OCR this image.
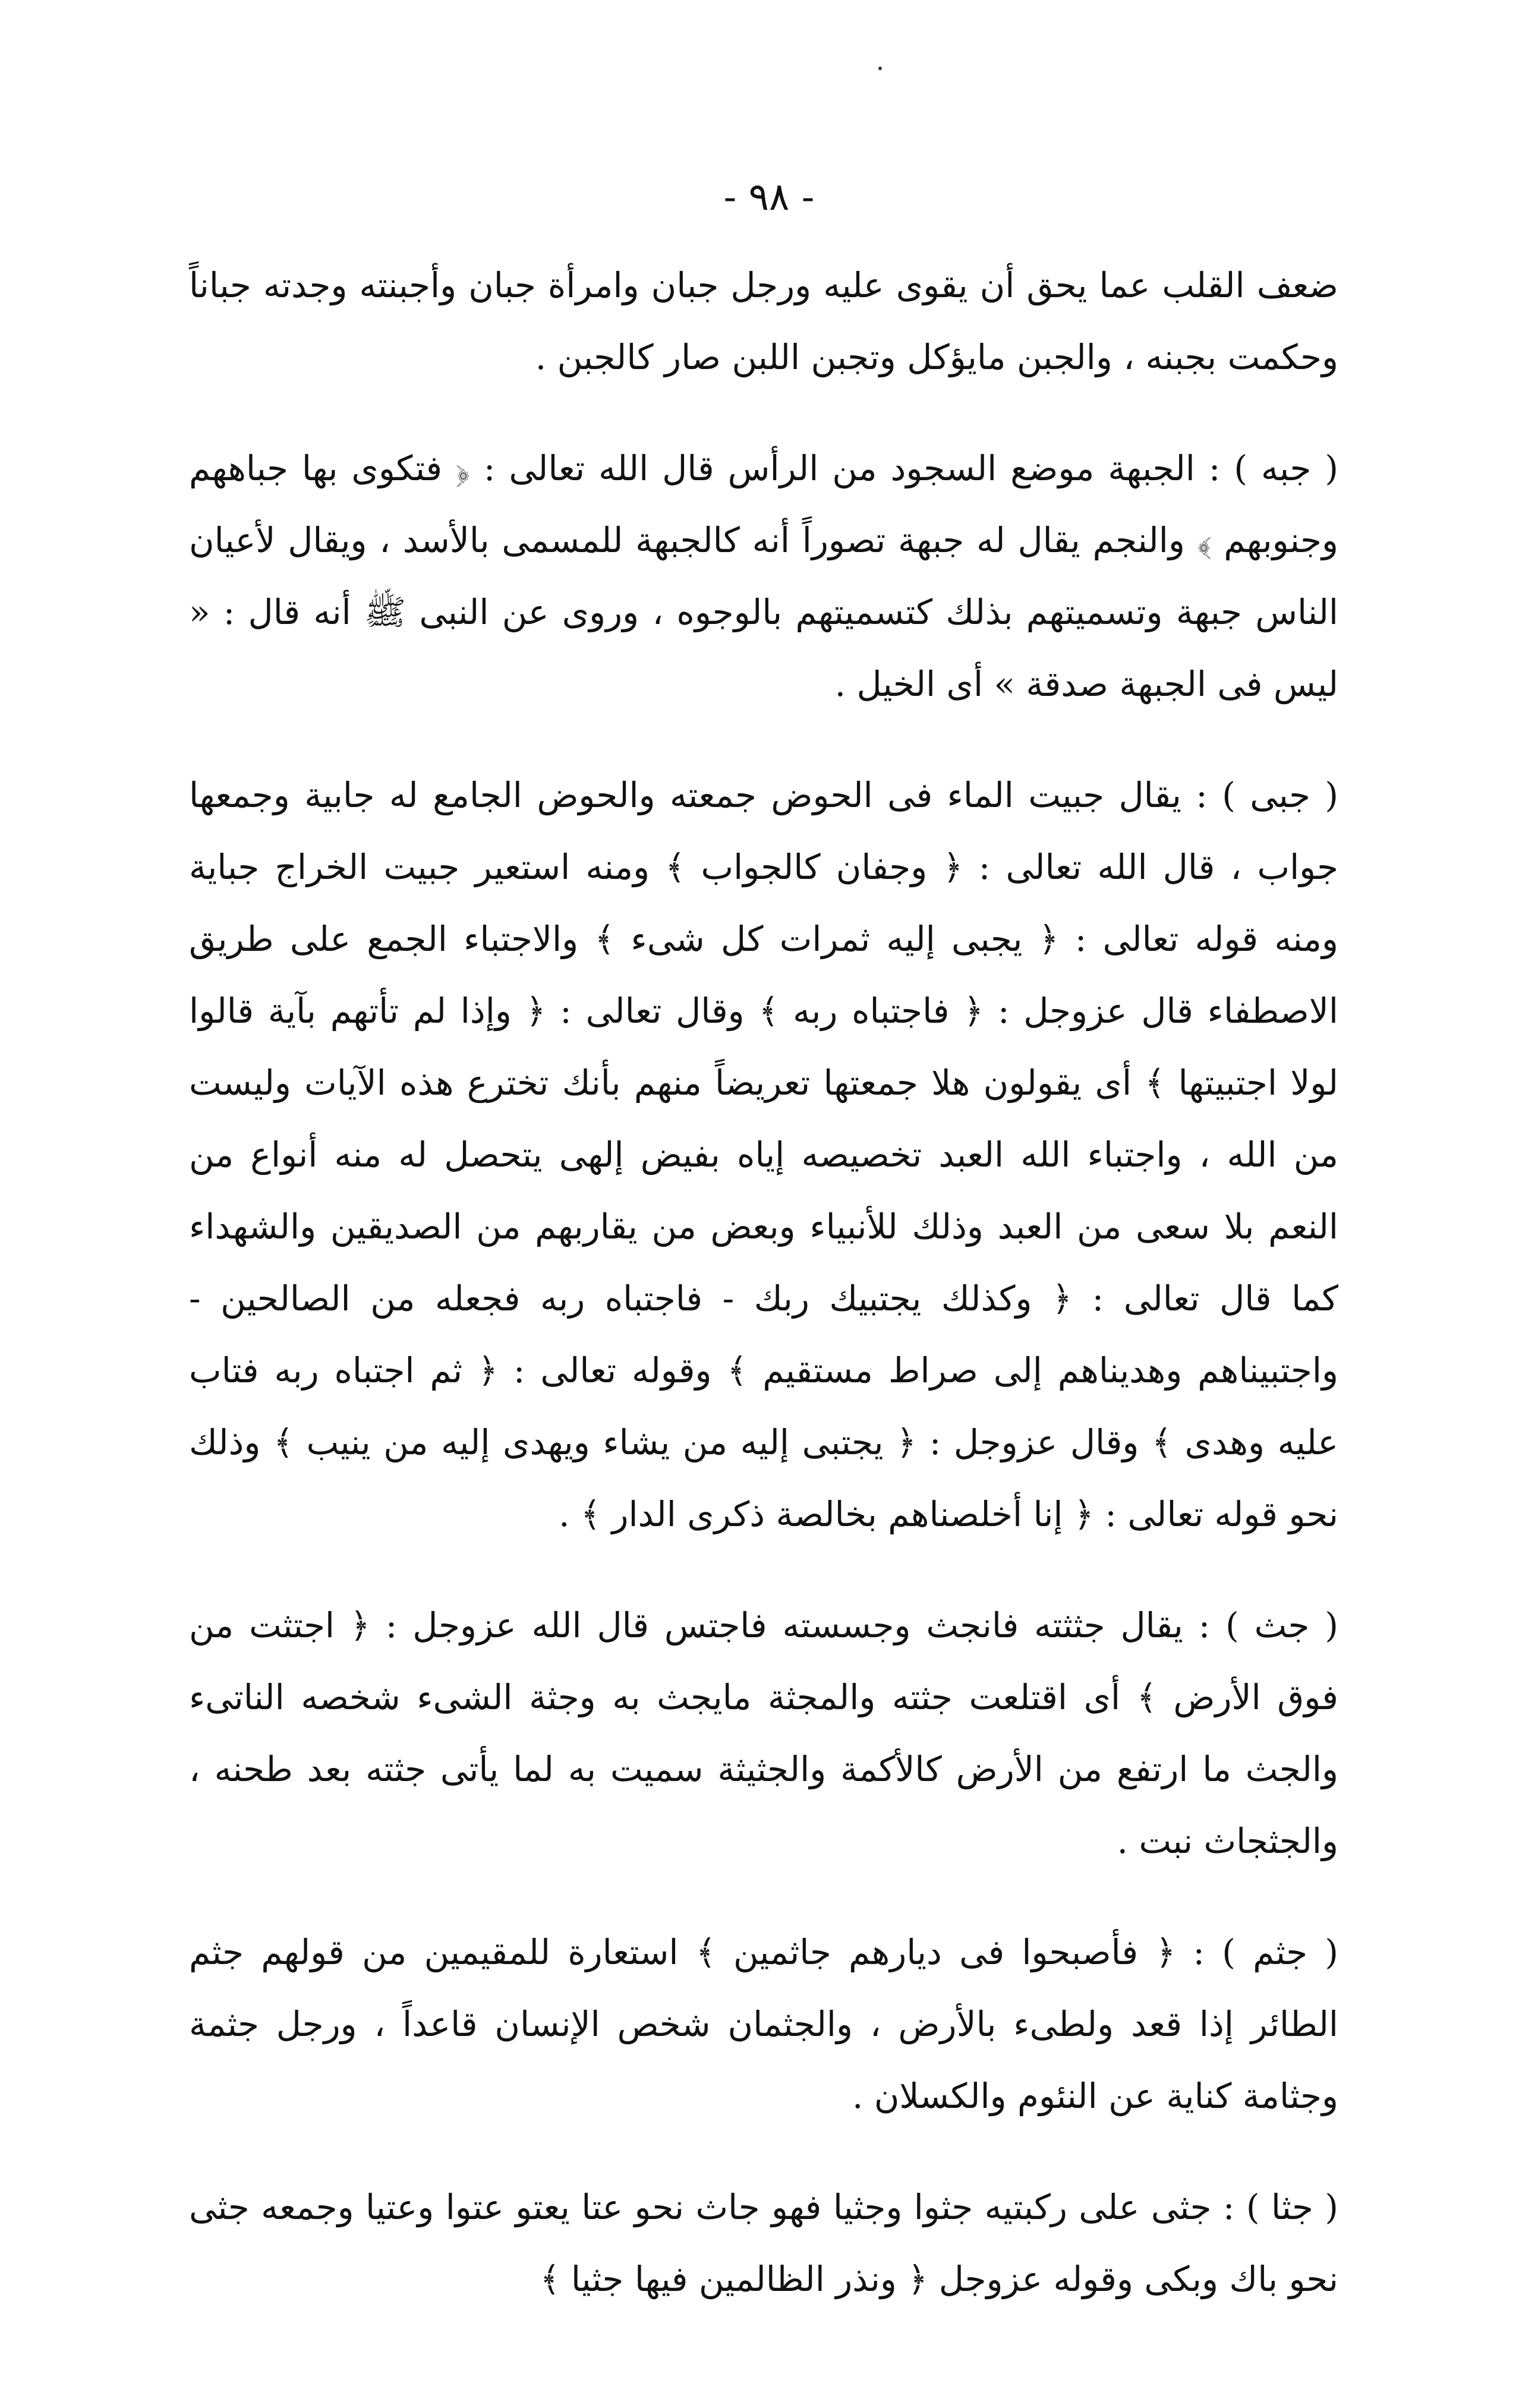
- ٩٨ -

ضعف القلب عما يحق أن يقوى عليه ورجل جبان وامرأة جبان وأجبنته وجدته جباناً وحكمت بجبنه ، والجبن مايؤكل وتجبن اللبن صار كالجبن .

( جبه ) : الجبهة موضع السجود من الرأس قال الله تعالى : ﴿ فتكوى بها جباههم وجنوبهم ﴾ والنجم يقال له جبهة تصوراً أنه كالجبهة للمسمى بالأسد ، ويقال لأعيان الناس جبهة وتسميتهم بذلك كتسميتهم بالوجوه ، وروى عن النبى ﷺ أنه قال : « ليس فى الجبهة صدقة » أى الخيل .

( جبى ) : يقال جبيت الماء فى الحوض جمعته والحوض الجامع له جابية وجمعها جواب ، قال الله تعالى : ﴿ وجفان كالجواب ﴾ ومنه استعير جبيت الخراج جباية ومنه قوله تعالى : ﴿ يجبى إليه ثمرات كل شىء ﴾ والاجتباء الجمع على طريق الاصطفاء قال عزوجل : ﴿ فاجتباه ربه ﴾ وقال تعالى : ﴿ وإذا لم تأتهم بآية قالوا لولا اجتبيتها ﴾ أى يقولون هلا جمعتها تعريضاً منهم بأنك تخترع هذه الآيات وليست من الله ، واجتباء الله العبد تخصيصه إياه بفيض إلهى يتحصل له منه أنواع من النعم بلا سعى من العبد وذلك للأنبياء وبعض من يقاربهم من الصديقين والشهداء كما قال تعالى : ﴿ وكذلك يجتبيك ربك - فاجتباه ربه فجعله من الصالحين - واجتبيناهم وهديناهم إلى صراط مستقيم ﴾ وقوله تعالى : ﴿ ثم اجتباه ربه فتاب عليه وهدى ﴾ وقال عزوجل : ﴿ يجتبى إليه من يشاء ويهدى إليه من ينيب ﴾ وذلك نحو قوله تعالى : ﴿ إنا أخلصناهم بخالصة ذكرى الدار ﴾ .

( جث ) : يقال جثثته فانجث وجسسته فاجتس قال الله عزوجل : ﴿ اجتثت من فوق الأرض ﴾ أى اقتلعت جثته والمجثة مايجث به وجثة الشىء شخصه الناتىء والجث ما ارتفع من الأرض كالأكمة والجثيثة سميت به لما يأتى جثته بعد طحنه ، والجثجاث نبت .

( جثم ) : ﴿ فأصبحوا فى ديارهم جاثمين ﴾ استعارة للمقيمين من قولهم جثم الطائر إذا قعد ولطىء بالأرض ، والجثمان شخص الإنسان قاعداً ، ورجل جثمة وجثامة كناية عن النئوم والكسلان .

( جثا ) : جثى على ركبتيه جثوا وجثيا فهو جاث نحو عتا يعتو عتوا وعتيا وجمعه جثى نحو باك وبكى وقوله عزوجل ﴿ ونذر الظالمين فيها جثيا ﴾
